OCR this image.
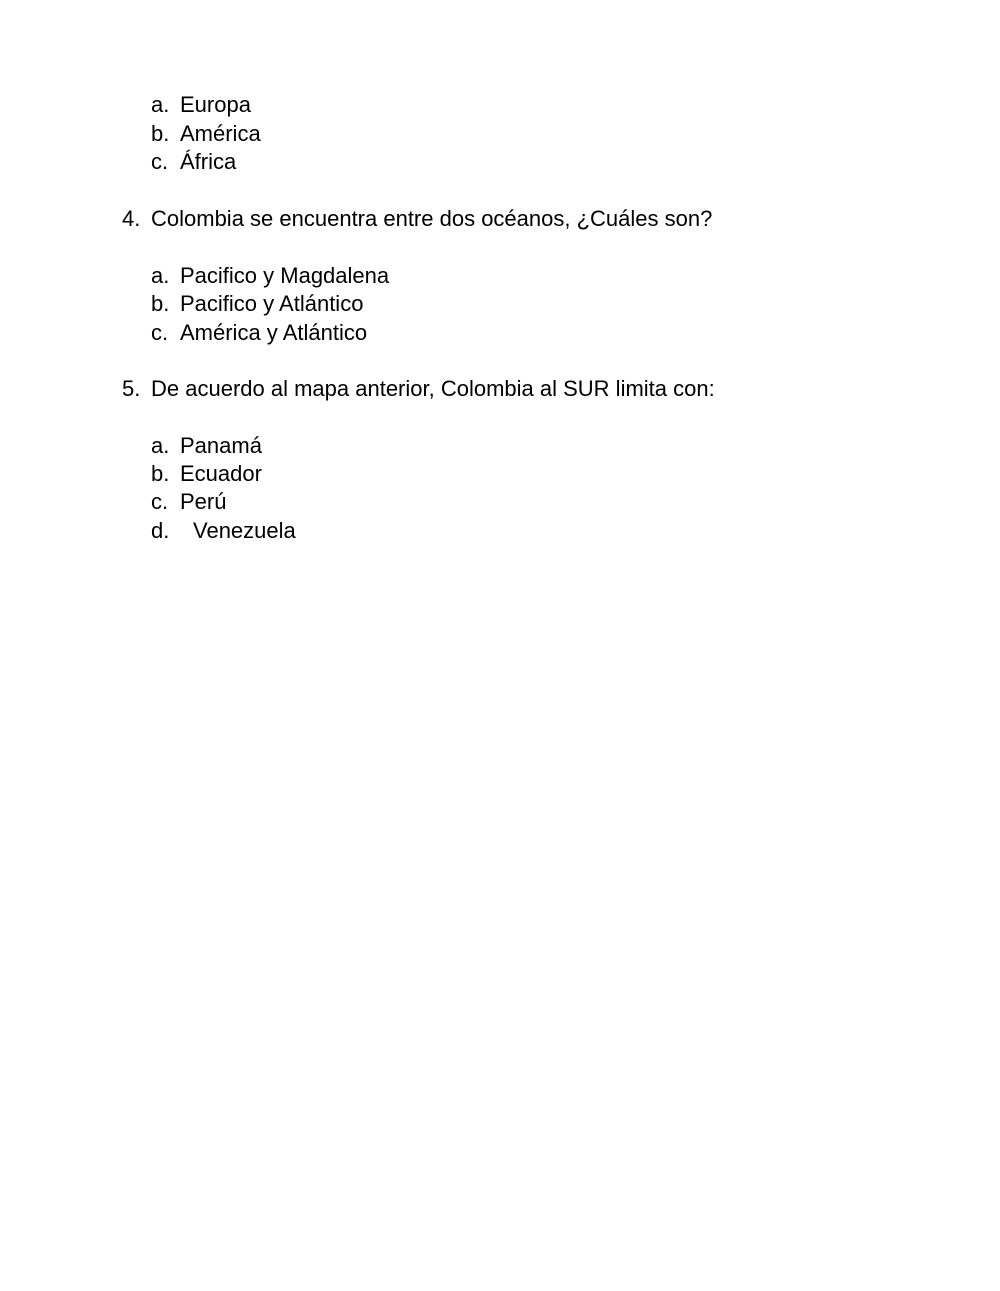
a. Europa
b. América
c. África
4. Colombia se encuentra entre dos océanos, ¿Cuáles son?
a. Pacifico y Magdalena
b. Pacifico y Atlántico
c. América y Atlántico
5. De acuerdo al mapa anterior, Colombia al SUR limita con:
a. Panamá
b. Ecuador
c. Perú
d. Venezuela
